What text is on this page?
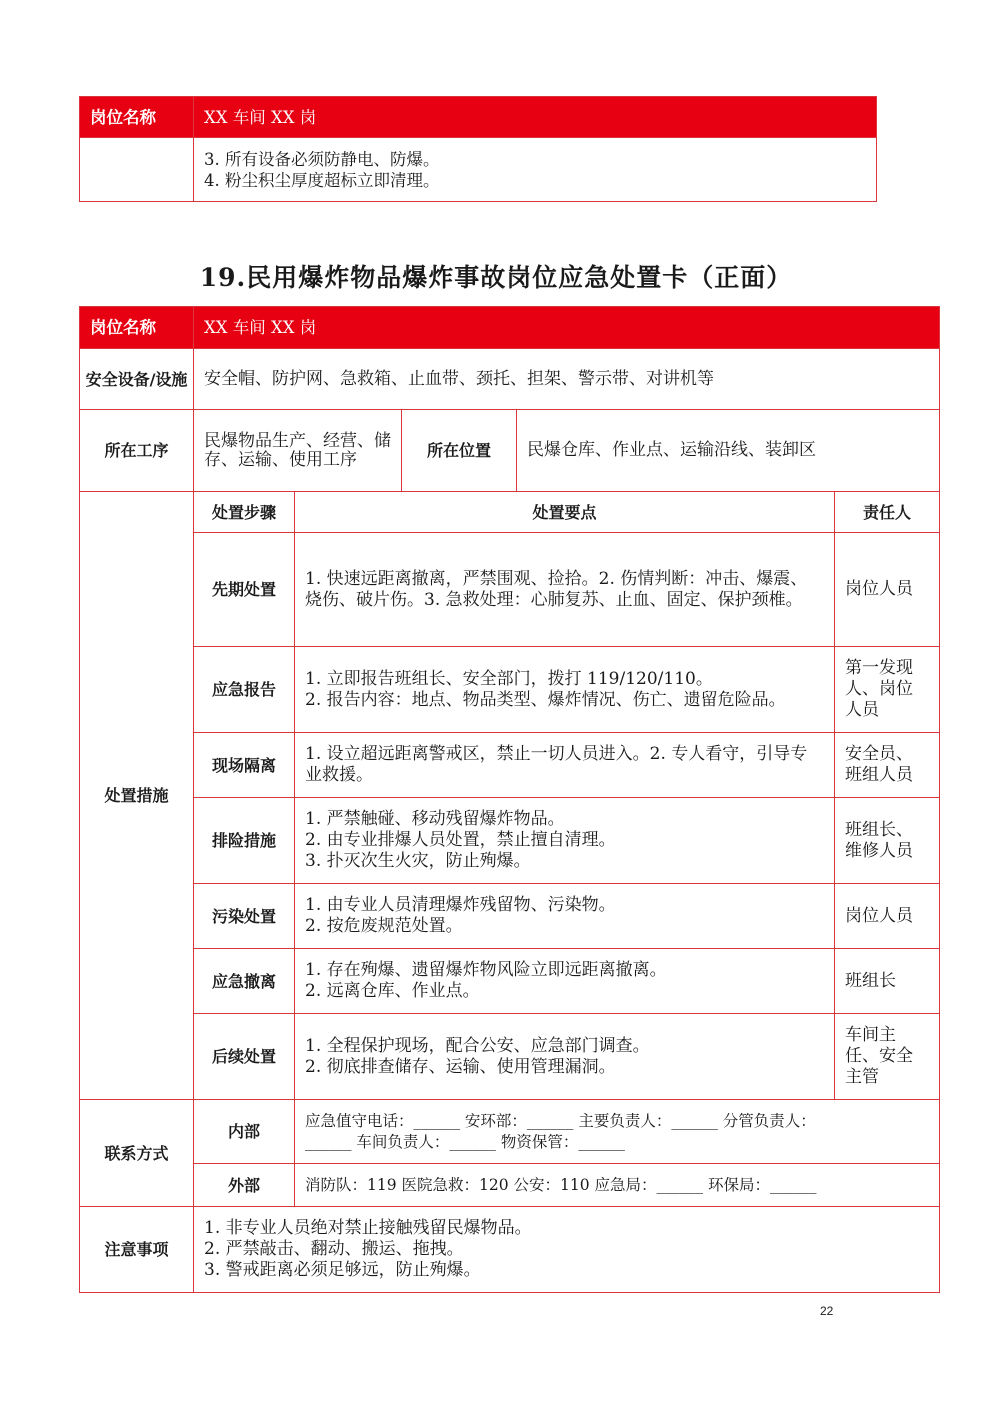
岗位名称	XX 车间 XX 岗

	3. 所有设备必须防静电、防爆。
4. 粉尘积尘厚度超标立即清理。
19.民用爆炸物品爆炸事故岗位应急处置卡（正面）
岗位名称	XX 车间 XX 岗				
安全设备/设施	安全帽、防护网、急救箱、止血带、颈托、担架、警示带、对讲机等				
所在工序	民爆物品生产、经营、储存、运输、使用工序		所在位置	民爆仓库、作业点、运输沿线、装卸区	
处置措施	处置步骤	处置要点			责任人
	先期处置	1. 快速远距离撤离，严禁围观、捡拾。2. 伤情判断：冲击、爆震、烧伤、破片伤。3. 急救处理：心肺复苏、止血、固定、保护颈椎。			岗位人员
	应急报告	1. 立即报告班组长、安全部门，拨打 119/120/110。
2. 报告内容：地点、物品类型、爆炸情况、伤亡、遗留危险品。			第一发现人、岗位人员
	现场隔离	1. 设立超远距离警戒区，禁止一切人员进入。2. 专人看守，引导专业救援。			安全员、班组人员
	排险措施	1. 严禁触碰、移动残留爆炸物品。
2. 由专业排爆人员处置，禁止擅自清理。
3. 扑灭次生火灾，防止殉爆。			班组长、维修人员
	污染处置	1. 由专业人员清理爆炸残留物、污染物。
2. 按危废规范处置。			岗位人员
	应急撤离	1. 存在殉爆、遗留爆炸物风险立即远距离撤离。
2. 远离仓库、作业点。			班组长
	后续处置	1. 全程保护现场，配合公安、应急部门调查。
2. 彻底排查储存、运输、使用管理漏洞。			车间主任、安全主管
联系方式	内部	应急值守电话：______ 安环部：______ 主要负责人：______ 分管负责人：
______ 车间负责人：______ 物资保管：______			

	外部	消防队：119 医院急救：120 公安：110 应急局：______ 环保局：______			
注意事项	1. 非专业人员绝对禁止接触残留民爆物品。
2. 严禁敲击、翻动、搬运、拖拽。
3. 警戒距离必须足够远，防止殉爆。				
22
